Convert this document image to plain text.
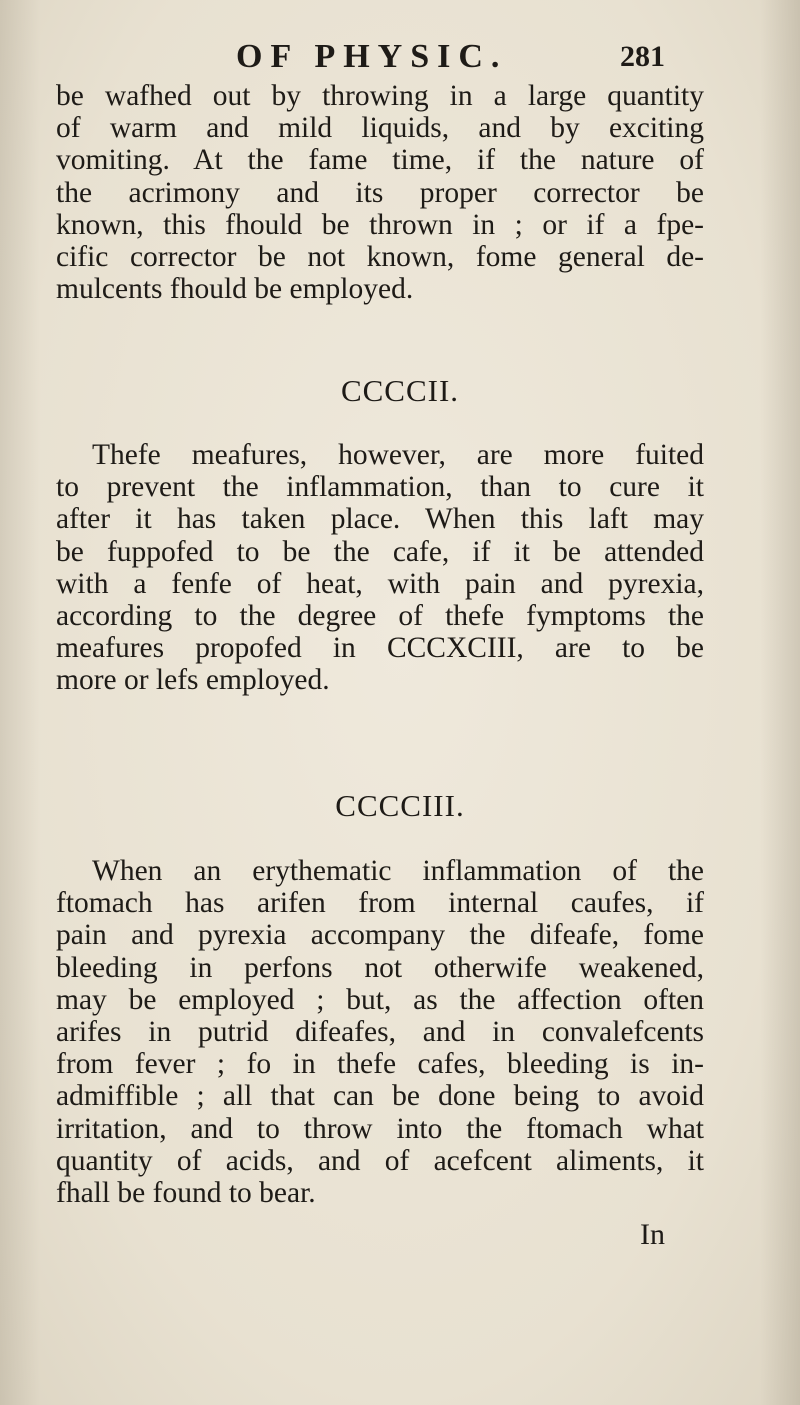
OF PHYSIC.	281
be wafhed out by throwing in a large quantity
of warm and mild liquids, and by exciting
vomiting. At the fame time, if the nature of
the acrimony and its proper corrector be
known, this fhould be thrown in ; or if a fpe-
cific corrector be not known, fome general de-
mulcents fhould be employed.
CCCCII.
Thefe meafures, however, are more fuited
to prevent the inflammation, than to cure it
after it has taken place. When this laft may
be fuppofed to be the cafe, if it be attended
with a fenfe of heat, with pain and pyrexia,
according to the degree of thefe fymptoms the
meafures propofed in CCCXCIII, are to be
more or lefs employed.
CCCCIII.
When an erythematic inflammation of the
ftomach has arifen from internal caufes, if
pain and pyrexia accompany the difeafe, fome
bleeding in perfons not otherwife weakened,
may be employed ; but, as the affection often
arifes in putrid difeafes, and in convalefcents
from fever ; fo in thefe cafes, bleeding is in-
admiffible ; all that can be done being to avoid
irritation, and to throw into the ftomach what
quantity of acids, and of acefcent aliments, it
fhall be found to bear.
In
